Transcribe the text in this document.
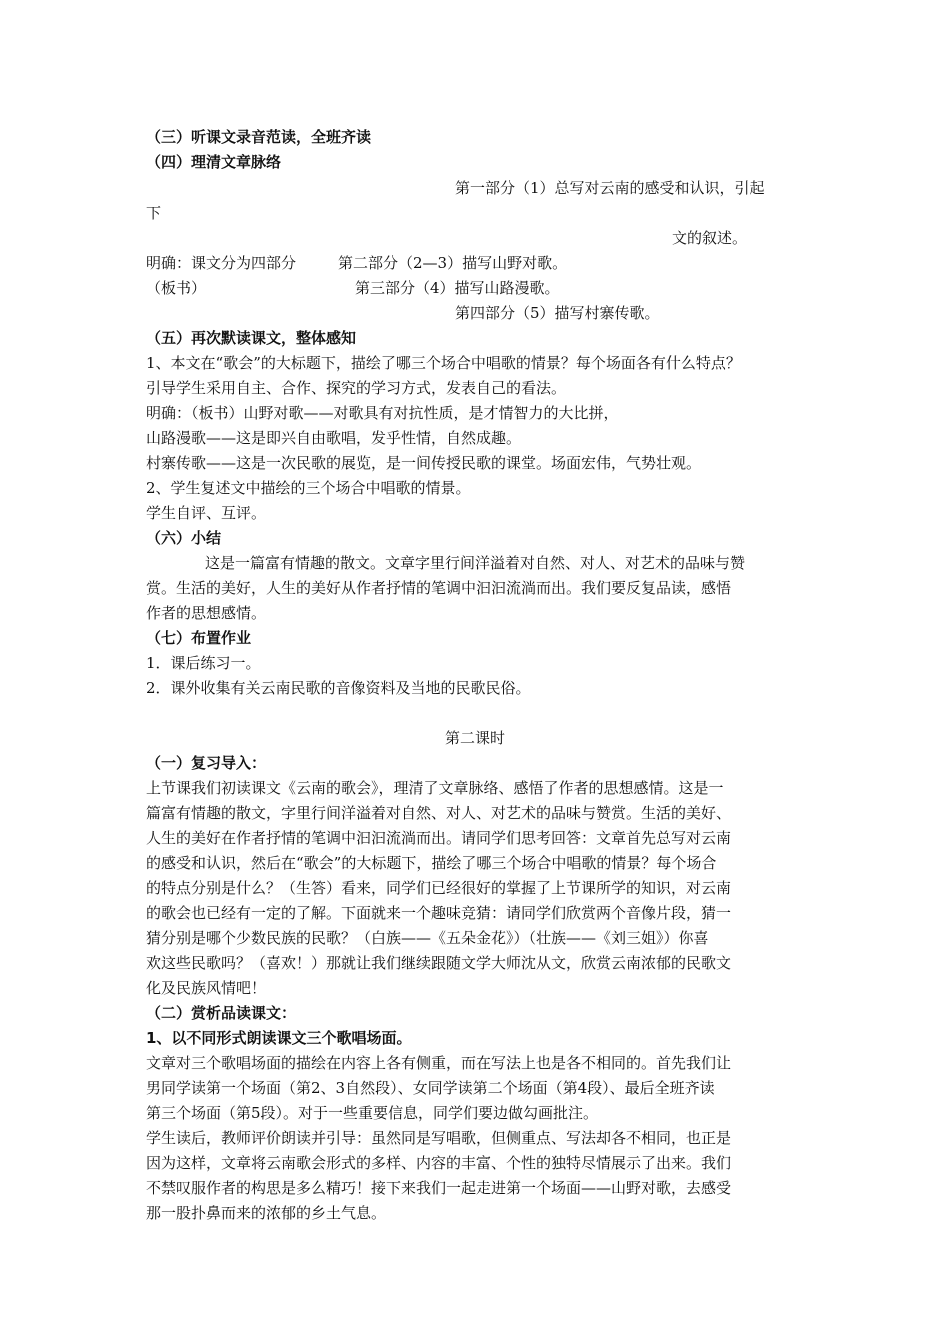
（三）听课文录音范读，全班齐读
（四）理清文章脉络
第一部分（1）总写对云南的感受和认识，引起
下
文的叙述。
明确：课文分为四部分	第二部分（2—3）描写山野对歌。
（板书）	第三部分（4）描写山路漫歌。
第四部分（5）描写村寨传歌。
（五）再次默读课文，整体感知
1、本文在“歌会”的大标题下，描绘了哪三个场合中唱歌的情景？每个场面各有什么特点？
引导学生采用自主、合作、探究的学习方式，发表自己的看法。
明确：（板书）山野对歌——对歌具有对抗性质，是才情智力的大比拼，
山路漫歌——这是即兴自由歌唱，发乎性情，自然成趣。
村寨传歌——这是一次民歌的展览，是一间传授民歌的课堂。场面宏伟，气势壮观。
2、学生复述文中描绘的三个场合中唱歌的情景。
学生自评、互评。
（六）小结
这是一篇富有情趣的散文。文章字里行间洋溢着对自然、对人、对艺术的品味与赞
赏。生活的美好，人生的美好从作者抒情的笔调中汩汩流淌而出。我们要反复品读，感悟
作者的思想感情。
（七）布置作业
1．课后练习一。
2．课外收集有关云南民歌的音像资料及当地的民歌民俗。
第二课时
（一）复习导入：
上节课我们初读课文《云南的歌会》，理清了文章脉络、感悟了作者的思想感情。这是一
篇富有情趣的散文，字里行间洋溢着对自然、对人、对艺术的品味与赞赏。生活的美好、
人生的美好在作者抒情的笔调中汩汩流淌而出。请同学们思考回答：文章首先总写对云南
的感受和认识，然后在“歌会”的大标题下，描绘了哪三个场合中唱歌的情景？每个场合
的特点分别是什么？（生答）看来，同学们已经很好的掌握了上节课所学的知识，对云南
的歌会也已经有一定的了解。下面就来一个趣味竞猜：请同学们欣赏两个音像片段，猜一
猜分别是哪个少数民族的民歌？（白族——《五朵金花》）（壮族——《刘三姐》）你喜
欢这些民歌吗？（喜欢！）那就让我们继续跟随文学大师沈从文，欣赏云南浓郁的民歌文
化及民族风情吧！
（二）赏析品读课文：
1、以不同形式朗读课文三个歌唱场面。
文章对三个歌唱场面的描绘在内容上各有侧重，而在写法上也是各不相同的。首先我们让
男同学读第一个场面（第2、3自然段）、女同学读第二个场面（第4段）、最后全班齐读
第三个场面（第5段）。对于一些重要信息，同学们要边做勾画批注。
学生读后，教师评价朗读并引导：虽然同是写唱歌，但侧重点、写法却各不相同，也正是
因为这样，文章将云南歌会形式的多样、内容的丰富、个性的独特尽情展示了出来。我们
不禁叹服作者的构思是多么精巧！接下来我们一起走进第一个场面——山野对歌，去感受
那一股扑鼻而来的浓郁的乡土气息。
